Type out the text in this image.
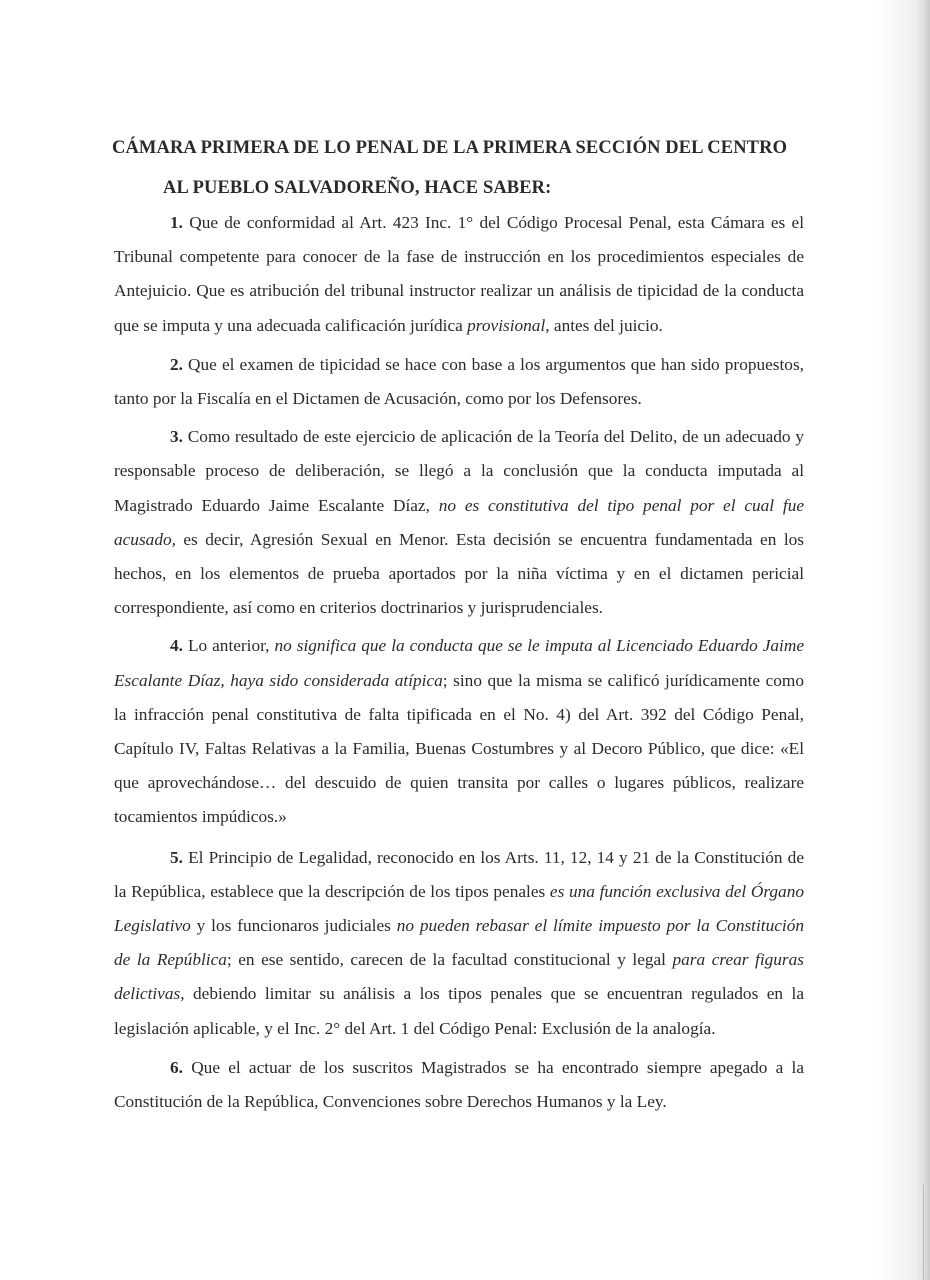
CÁMARA PRIMERA DE LO PENAL DE LA PRIMERA SECCIÓN DEL CENTRO
AL PUEBLO SALVADOREÑO, HACE SABER:

1. Que de conformidad al Art. 423 Inc. 1° del Código Procesal Penal, esta Cámara es el Tribunal competente para conocer de la fase de instrucción en los procedimientos especiales de Antejuicio. Que es atribución del tribunal instructor realizar un análisis de tipicidad de la conducta que se imputa y una adecuada calificación jurídica provisional, antes del juicio.

2. Que el examen de tipicidad se hace con base a los argumentos que han sido propuestos, tanto por la Fiscalía en el Dictamen de Acusación, como por los Defensores.

3. Como resultado de este ejercicio de aplicación de la Teoría del Delito, de un adecuado y responsable proceso de deliberación, se llegó a la conclusión que la conducta imputada al Magistrado Eduardo Jaime Escalante Díaz, no es constitutiva del tipo penal por el cual fue acusado, es decir, Agresión Sexual en Menor. Esta decisión se encuentra fundamentada en los hechos, en los elementos de prueba aportados por la niña víctima y en el dictamen pericial correspondiente, así como en criterios doctrinarios y jurisprudenciales.

4. Lo anterior, no significa que la conducta que se le imputa al Licenciado Eduardo Jaime Escalante Díaz, haya sido considerada atípica; sino que la misma se calificó jurídicamente como la infracción penal constitutiva de falta tipificada en el No. 4) del Art. 392 del Código Penal, Capítulo IV, Faltas Relativas a la Familia, Buenas Costumbres y al Decoro Público, que dice: «El que aprovechándose… del descuido de quien transita por calles o lugares públicos, realizare tocamientos impúdicos.»

5. El Principio de Legalidad, reconocido en los Arts. 11, 12, 14 y 21 de la Constitución de la República, establece que la descripción de los tipos penales es una función exclusiva del Órgano Legislativo y los funcionaros judiciales no pueden rebasar el límite impuesto por la Constitución de la República; en ese sentido, carecen de la facultad constitucional y legal para crear figuras delictivas, debiendo limitar su análisis a los tipos penales que se encuentran regulados en la legislación aplicable, y el Inc. 2° del Art. 1 del Código Penal: Exclusión de la analogía.

6. Que el actuar de los suscritos Magistrados se ha encontrado siempre apegado a la Constitución de la República, Convenciones sobre Derechos Humanos y la Ley.
